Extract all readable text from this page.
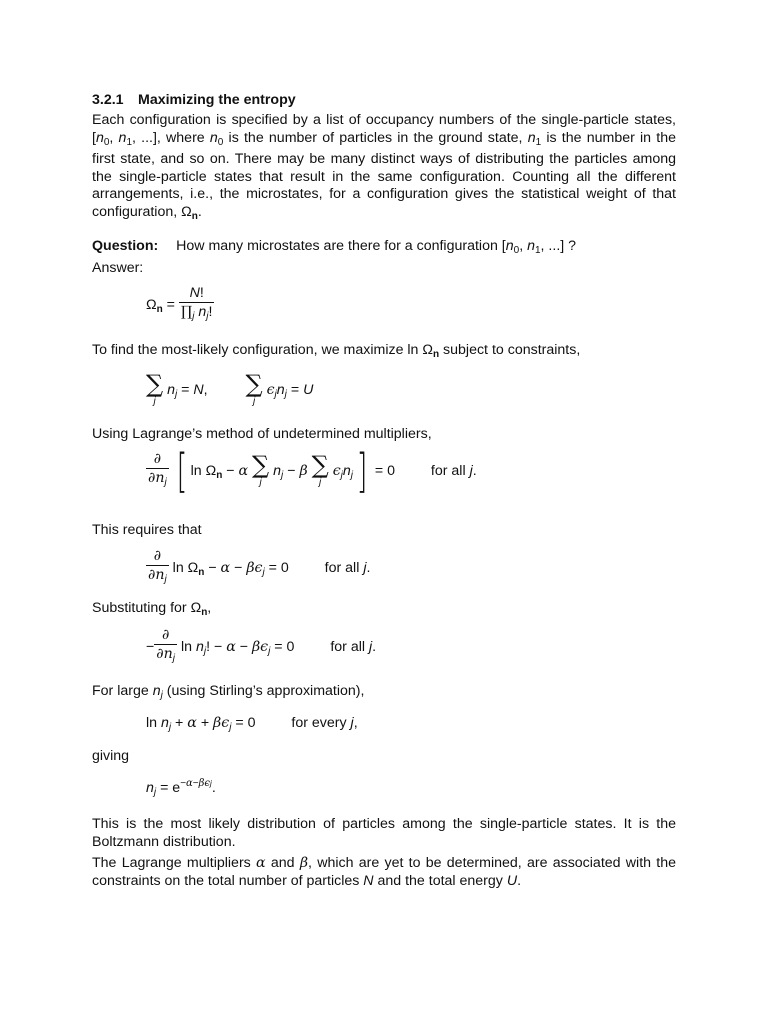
3.2.1 Maximizing the entropy
Each configuration is specified by a list of occupancy numbers of the single-particle states, [$n_0$, $n_1$, ...], where $n_0$ is the number of particles in the ground state, $n_1$ is the number in the first state, and so on. There may be many distinct ways of distributing the particles among the single-particle states that result in the same configuration. Counting all the different arrangements, i.e., the microstates, for a configuration gives the statistical weight of that configuration, $\Omega_n$.
Question: How many microstates are there for a configuration [$n_0$, $n_1$, ...] ?
Answer:
$\Omega_n = \frac{N!}{\prod_j n_j!}$
To find the most-likely configuration, we maximize $\ln \Omega_n$ subject to constraints,
∑
j
$n_j = N$, ∑
j
$\epsilon_jn_j = U$
Using Lagrange’s method of undetermined multipliers,
$\frac{\partial}{\partial n_j}$ [ $\ln \Omega_n - \alpha$ ∑
j
$n_j - \beta$ ∑
j
$\epsilon_jn_j] = 0$  for all j.
This requires that
$\frac{\partial}{\partial n_j}$ $\ln \Omega_n - \alpha - \beta\epsilon_j = 0$  for all j.
Substituting for $\Omega_n$,
− $\frac{\partial}{\partial n_j}$ $\ln n_j$! − $\alpha - \beta\epsilon_j = 0$  for all j.
For large $n_j$ (using Stirling’s approximation),
$\ln n_j + \alpha + \beta\epsilon_j = 0$  for every j,
giving
$n_j = e^{-\alpha-\beta\epsilon j}$.
This is the most likely distribution of particles among the single-particle states. It is the Boltzmann distribution.
The Lagrange multipliers α and β, which are yet to be determined, are associated with the constraints on the total number of particles N and the total energy U.
